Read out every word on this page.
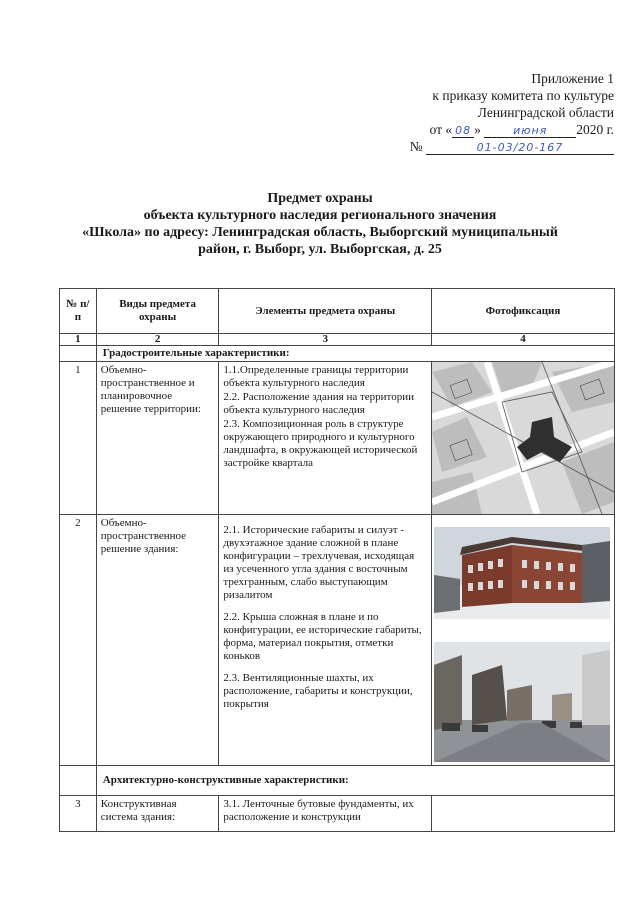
Приложение 1
к приказу комитета по культуре
Ленинградской области
от « 08 »	июня 2020 г.
№	01-03/20-167
Предмет охраны
объекта культурного наследия регионального значения
«Школа» по адресу: Ленинградская область, Выборгский муниципальный
район, г. Выборг, ул. Выборгская, д. 25
№ п/п	Виды предмета охраны	Элементы предмета охраны	Фотофиксация
1	2	3	4
	Градостроительные характеристики:		
1	Объемно-пространственное и планировочное решение территории:	1.1.Определенные границы территории объекта культурного наследия
2.2. Расположение здания на территории объекта культурного наследия
2.3. Композиционная роль в структуре окружающего природного и культурного ландшафта, в окружающей исторической застройке квартала

2	Объемно-пространственное решение здания:	2.1. Исторические габариты и силуэт - двухэтажное здание сложной в плане конфигурации – трехлучевая, исходящая из усеченного угла здания с восточным трехгранным, слабо выступающим ризалитом
2.2. Крыша сложная в плане и по конфигурации, ее исторические габариты, форма, материал покрытия, отметки коньков
2.3. Вентиляционные шахты, их расположение, габариты и конструкции, покрытия

	Архитектурно-конструктивные характеристики:		
3	Конструктивная система здания:	3.1. Ленточные бутовые фундаменты, их расположение и конструкции	
